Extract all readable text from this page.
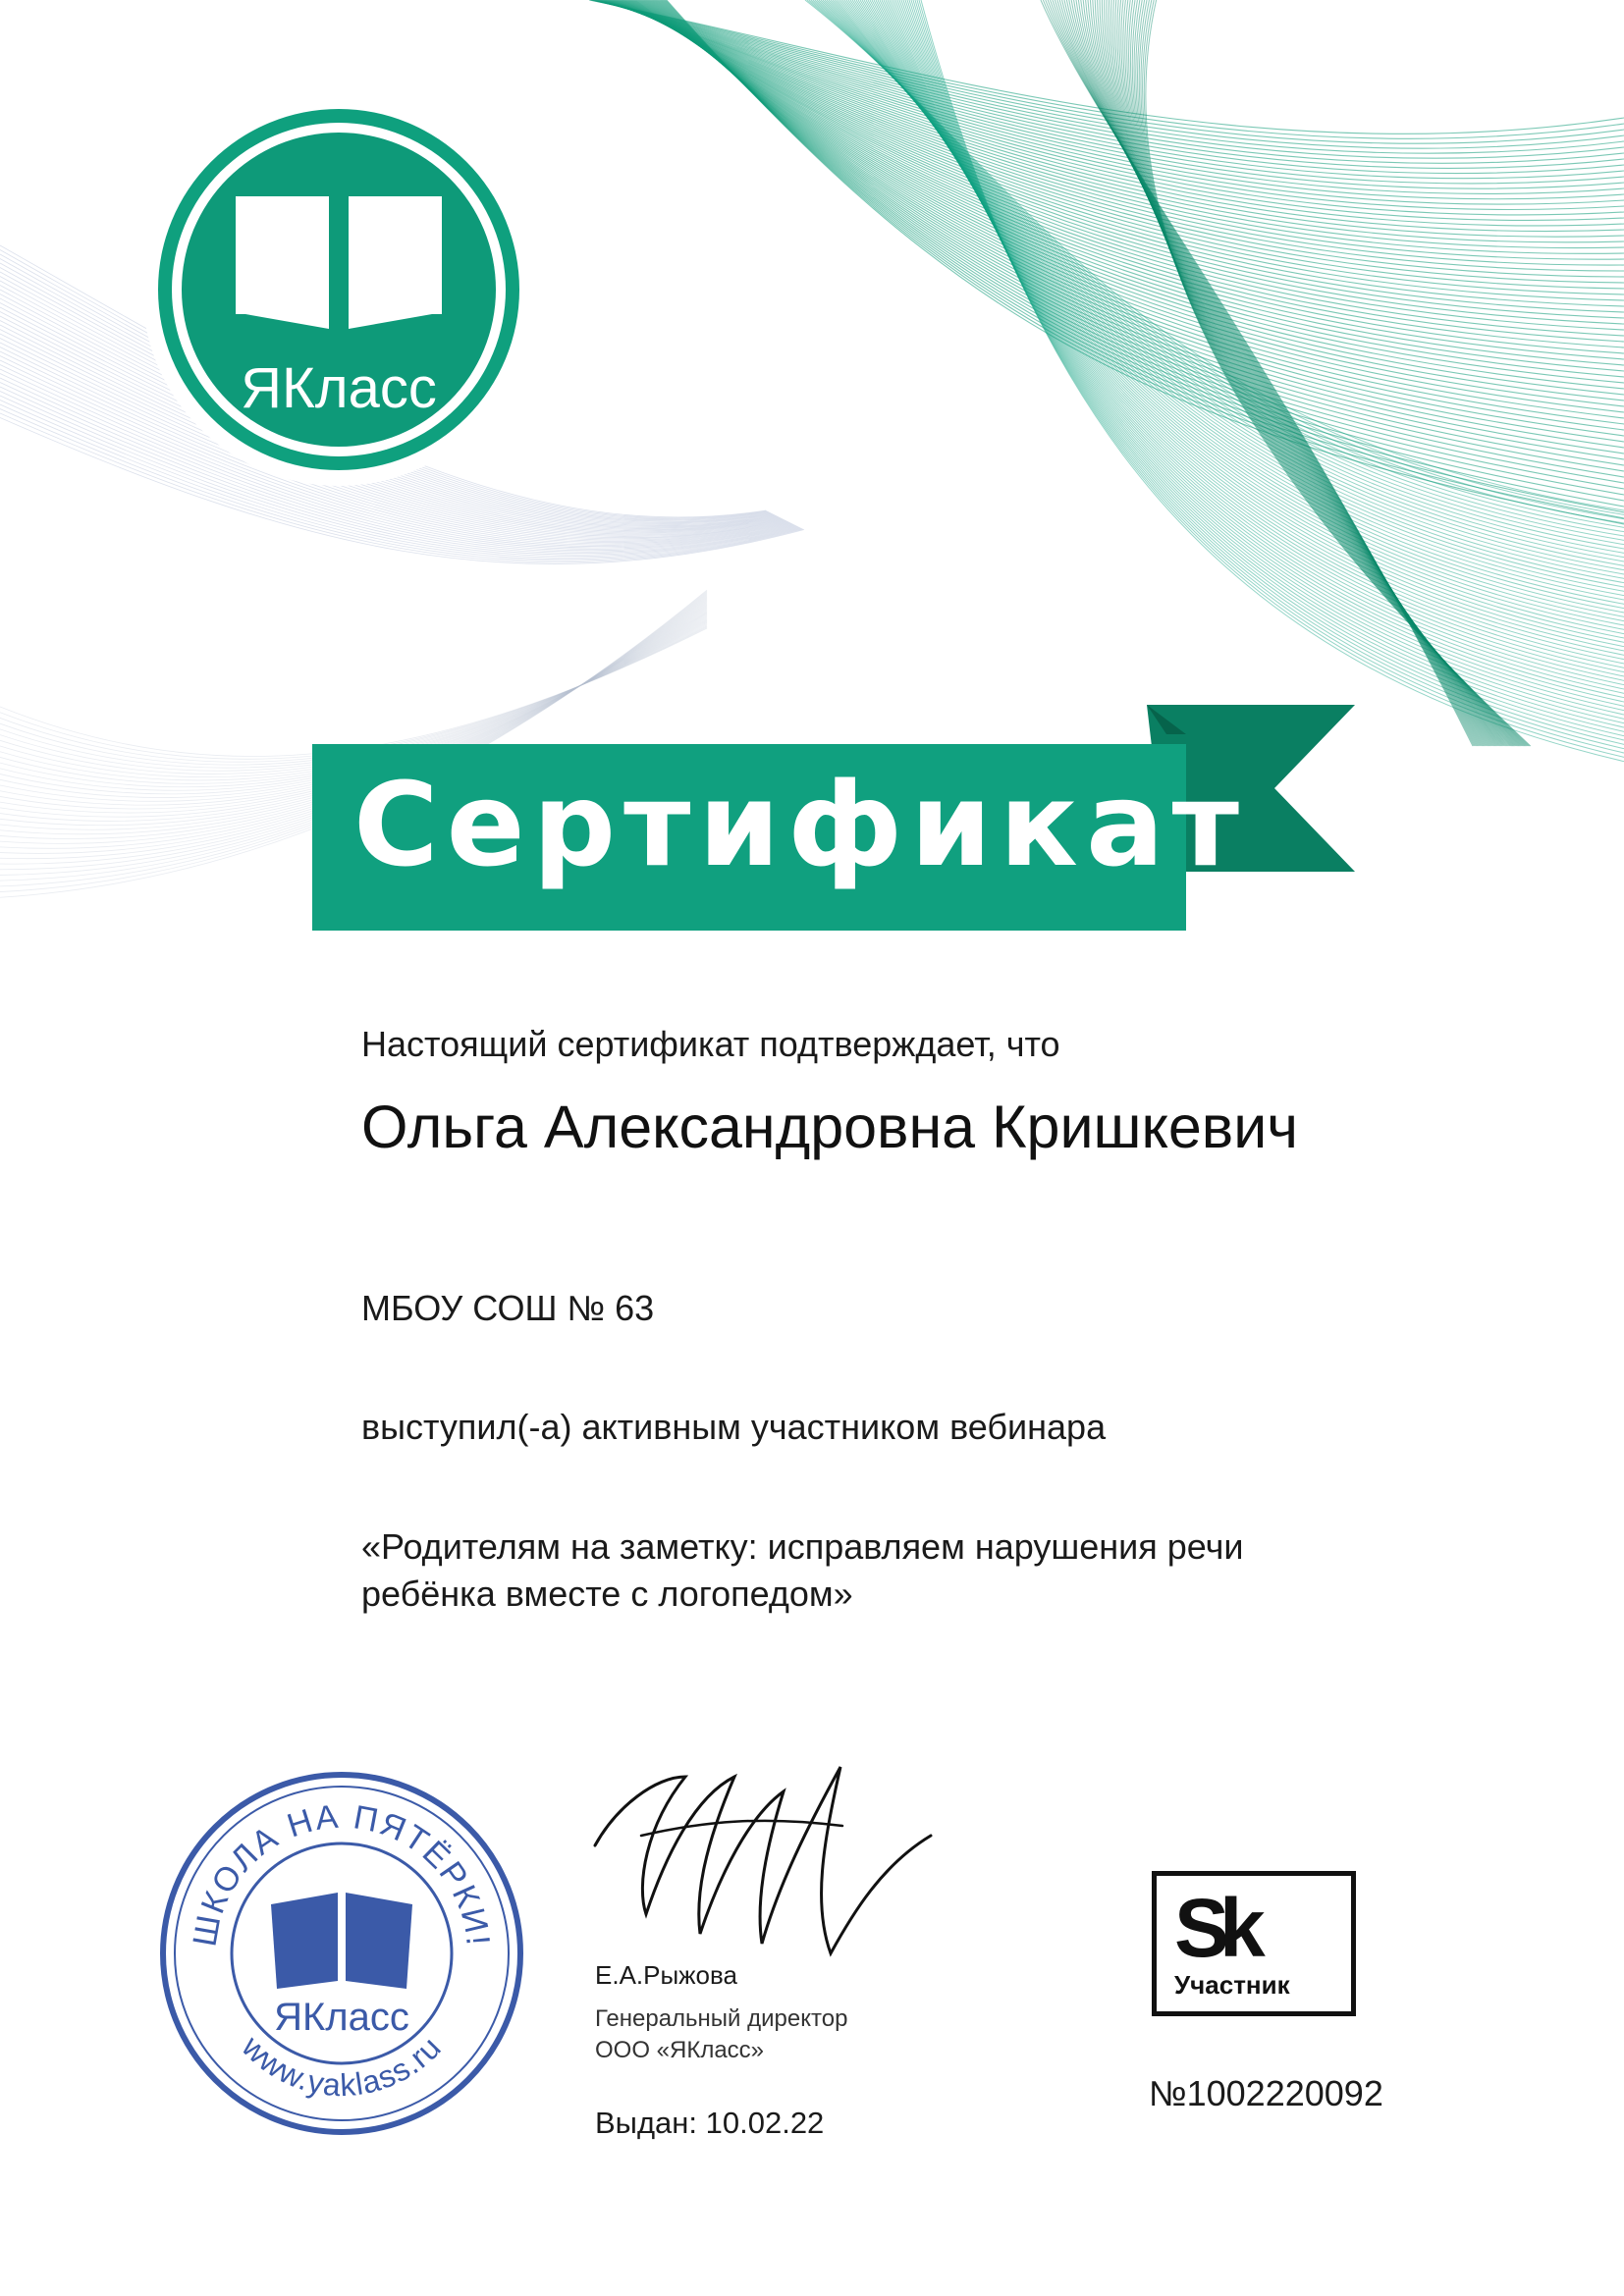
ЯКласс
Сертификат
Настоящий сертификат подтверждает, что
Ольга Александровна Кришкевич
МБОУ СОШ № 63
выступил(-а) активным участником вебинара
«Родителям на заметку: исправляем нарушения речи
ребёнка вместе с логопедом»
ШКОЛА НА ПЯТЁРКИ!
www.yaklass.ru
ЯКласс
Е.А.Рыжова
Генеральный директор
ООО «ЯКласс»
Выдан: 10.02.22
Sk
Участник
№1002220092
